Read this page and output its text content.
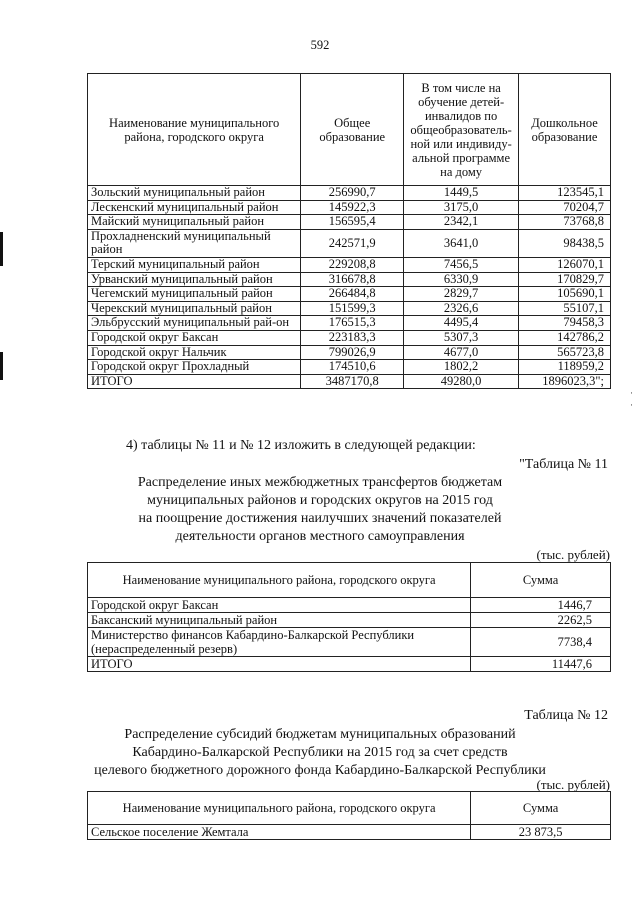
592
Наименование муниципального района, городского округа	Общее образование	В том числе на обучение детей-инвалидов по общеобразователь-ной или индивиду-альной программе на дому	Дошкольное образование
Зольский муниципальный район	256990,7	1449,5	123545,1
Лескенский муниципальный район	145922,3	3175,0	70204,7
Майский муниципальный район	156595,4	2342,1	73768,8
Прохладненский муниципальный район	242571,9	3641,0	98438,5
Терский муниципальный район	229208,8	7456,5	126070,1
Урванский муниципальный район	316678,8	6330,9	170829,7
Чегемский муниципальный район	266484,8	2829,7	105690,1
Черекский муниципальный район	151599,3	2326,6	55107,1
Эльбрусский муниципальный рай-он	176515,3	4495,4	79458,3
Городской округ Баксан	223183,3	5307,3	142786,2
Городской округ Нальчик	799026,9	4677,0	565723,8
Городской округ Прохладный	174510,6	1802,2	118959,2
ИТОГО	3487170,8	49280,0	1896023,3";
4) таблицы № 11 и № 12 изложить в следующей редакции:
"Таблица № 11
Распределение иных межбюджетных трансфертов бюджетам
муниципальных районов и городских округов на 2015 год
на поощрение достижения наилучших значений показателей
деятельности органов местного самоуправления
(тыс. рублей)
Наименование муниципального района, городского округа	Сумма
Городской округ Баксан	1446,7
Баксанский муниципальный район	2262,5
Министерство финансов Кабардино-Балкарской Республики (нераспределенный резерв)	7738,4
ИТОГО	11447,6
Таблица № 12
Распределение субсидий бюджетам муниципальных образований
Кабардино-Балкарской Республики на 2015 год за счет средств
целевого бюджетного дорожного фонда Кабардино-Балкарской Республики
(тыс. рублей)
Наименование муниципального района, городского округа	Сумма
Сельское поселение Жемтала	23 873,5
·
·
